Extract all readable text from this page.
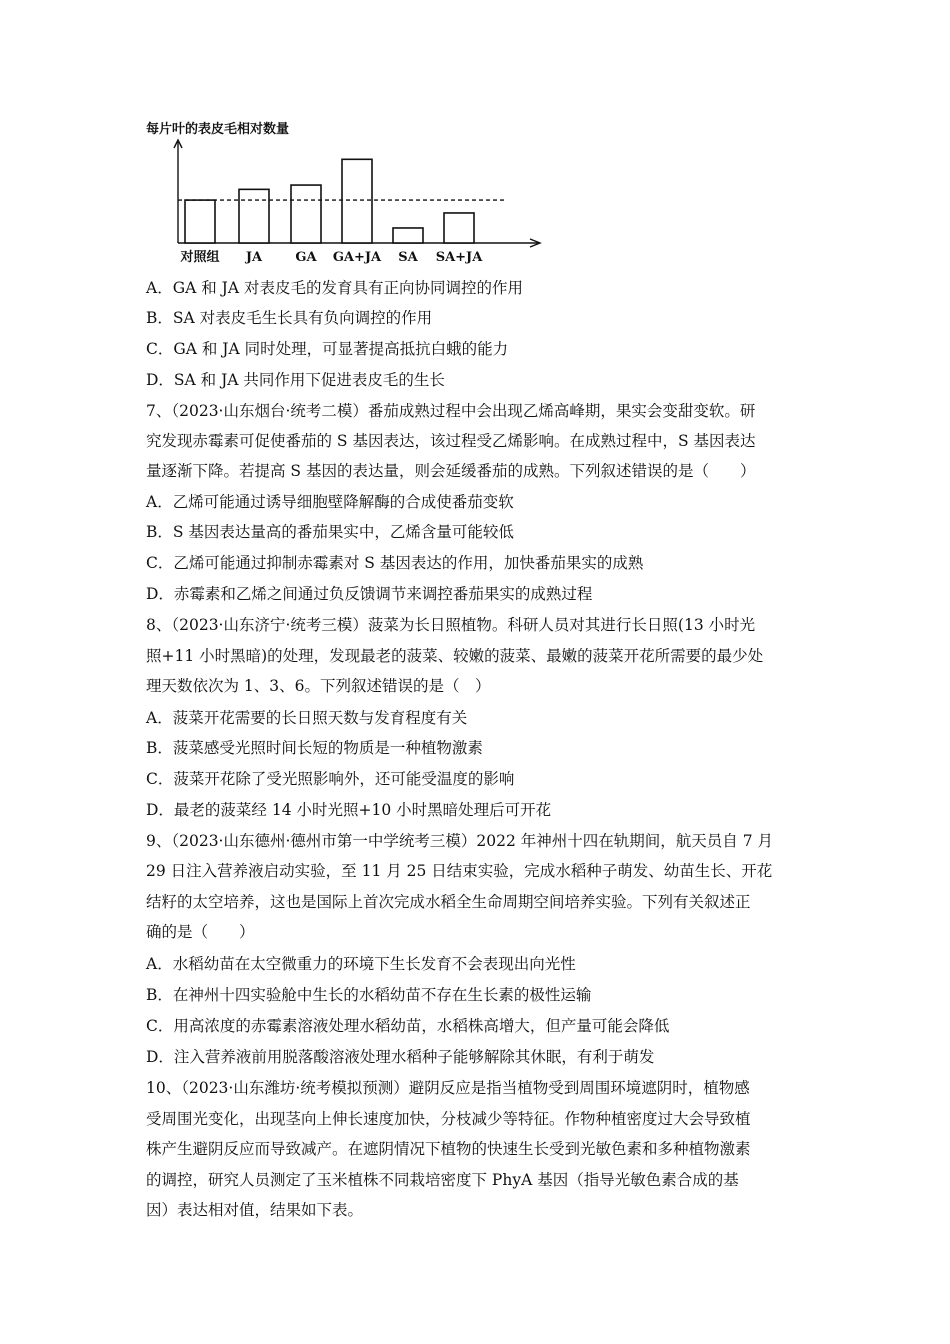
每片叶的表皮毛相对数量
对照组 JA	GA GA+JA SA SA+JA
A．GA 和 JA 对表皮毛的发育具有正向协同调控的作用
B．SA 对表皮毛生长具有负向调控的作用
C．GA 和 JA 同时处理，可显著提高抵抗白蛾的能力
D．SA 和 JA 共同作用下促进表皮毛的生长
7、（2023·山东烟台·统考二模）番茄成熟过程中会出现乙烯高峰期，果实会变甜变软。研
究发现赤霉素可促使番茄的 S 基因表达，该过程受乙烯影响。在成熟过程中，S 基因表达
量逐渐下降。若提高 S 基因的表达量，则会延缓番茄的成熟。下列叙述错误的是（　　）
A．乙烯可能通过诱导细胞壁降解酶的合成使番茄变软
B．S 基因表达量高的番茄果实中，乙烯含量可能较低
C．乙烯可能通过抑制赤霉素对 S 基因表达的作用，加快番茄果实的成熟
D．赤霉素和乙烯之间通过负反馈调节来调控番茄果实的成熟过程
8、（2023·山东济宁·统考三模）菠菜为长日照植物。科研人员对其进行长日照(13 小时光
照+11 小时黑暗)的处理，发现最老的菠菜、较嫩的菠菜、最嫩的菠菜开花所需要的最少处
理天数依次为 1、3、6。下列叙述错误的是（　）
A．菠菜开花需要的长日照天数与发育程度有关
B．菠菜感受光照时间长短的物质是一种植物激素
C．菠菜开花除了受光照影响外，还可能受温度的影响
D．最老的菠菜经 14 小时光照+10 小时黑暗处理后可开花
9、（2023·山东德州·德州市第一中学统考三模）2022 年神州十四在轨期间，航天员自 7 月
29 日注入营养液启动实验，至 11 月 25 日结束实验，完成水稻种子萌发、幼苗生长、开花
结籽的太空培养，这也是国际上首次完成水稻全生命周期空间培养实验。下列有关叙述正
确的是（　　）
A．水稻幼苗在太空微重力的环境下生长发育不会表现出向光性
B．在神州十四实验舱中生长的水稻幼苗不存在生长素的极性运输
C．用高浓度的赤霉素溶液处理水稻幼苗，水稻株高增大，但产量可能会降低
D．注入营养液前用脱落酸溶液处理水稻种子能够解除其休眠，有利于萌发
10、（2023·山东潍坊·统考模拟预测）避阴反应是指当植物受到周围环境遮阴时，植物感
受周围光变化，出现茎向上伸长速度加快，分枝减少等特征。作物种植密度过大会导致植
株产生避阴反应而导致减产。在遮阴情况下植物的快速生长受到光敏色素和多种植物激素
的调控，研究人员测定了玉米植株不同栽培密度下 PhyA 基因（指导光敏色素合成的基
因）表达相对值，结果如下表。
